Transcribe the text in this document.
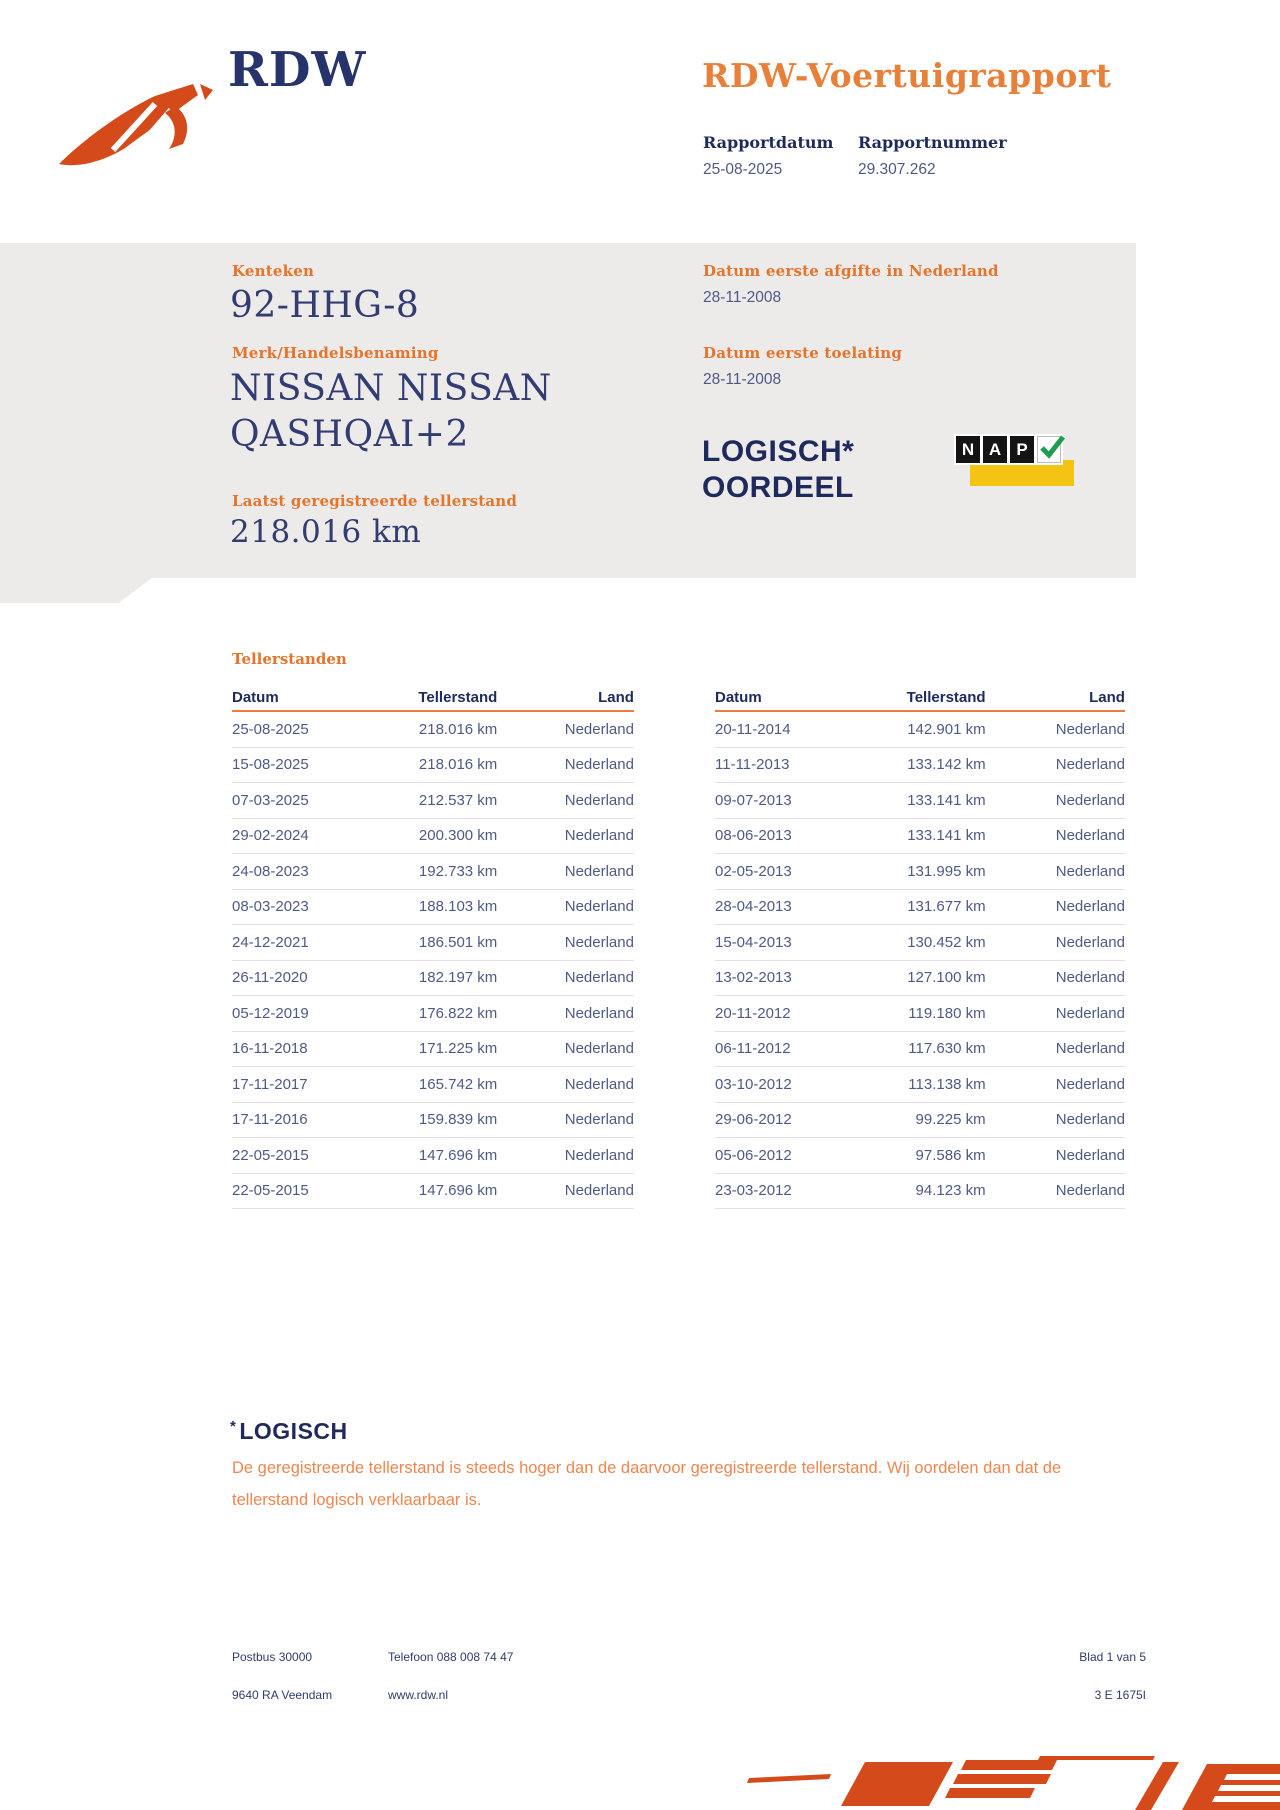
RDW	RDW-Voertuigrapport
Rapportdatum
25-08-2025
Rapportnummer
29.307.262
Kenteken
92-HHG-8
Merk/Handelsbenaming
NISSAN NISSAN QASHQAI+2
Laatst geregistreerde tellerstand
218.016 km
Datum eerste afgifte in Nederland
28-11-2008
Datum eerste toelating
28-11-2008
LOGISCH*
OORDEEL
N A P
Tellerstanden
Datum	Tellerstand	Land
25-08-2025	218.016 km	Nederland
15-08-2025	218.016 km	Nederland
07-03-2025	212.537 km	Nederland
29-02-2024	200.300 km	Nederland
24-08-2023	192.733 km	Nederland
08-03-2023	188.103 km	Nederland
24-12-2021	186.501 km	Nederland
26-11-2020	182.197 km	Nederland
05-12-2019	176.822 km	Nederland
16-11-2018	171.225 km	Nederland
17-11-2017	165.742 km	Nederland
17-11-2016	159.839 km	Nederland
22-05-2015	147.696 km	Nederland
22-05-2015	147.696 km	Nederland
Datum	Tellerstand	Land
20-11-2014	142.901 km	Nederland
11-11-2013	133.142 km	Nederland
09-07-2013	133.141 km	Nederland
08-06-2013	133.141 km	Nederland
02-05-2013	131.995 km	Nederland
28-04-2013	131.677 km	Nederland
15-04-2013	130.452 km	Nederland
13-02-2013	127.100 km	Nederland
20-11-2012	119.180 km	Nederland
06-11-2012	117.630 km	Nederland
03-10-2012	113.138 km	Nederland
29-06-2012	99.225 km	Nederland
05-06-2012	97.586 km	Nederland
23-03-2012	94.123 km	Nederland
* LOGISCH
De geregistreerde tellerstand is steeds hoger dan de daarvoor geregistreerde tellerstand. Wij oordelen dan dat de tellerstand logisch verklaarbaar is.
Postbus 30000
9640 RA Veendam
Telefoon 088 008 74 47
www.rdw.nl
Blad 1 van 5
3 E 1675I
